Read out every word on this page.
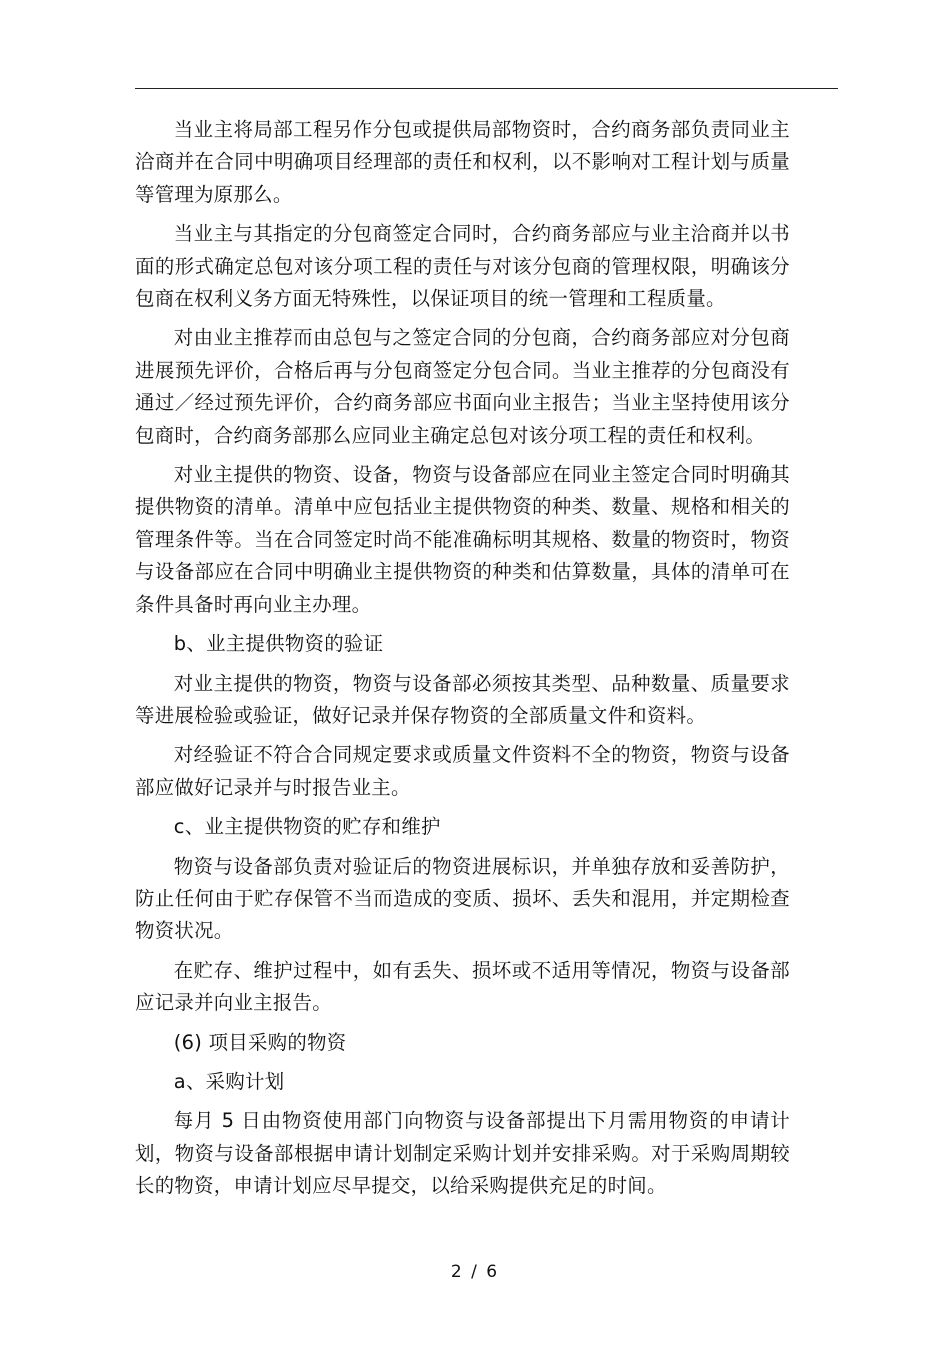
当业主将局部工程另作分包或提供局部物资时，合约商务部负责同业主洽商并在合同中明确项目经理部的责任和权利，以不影响对工程计划与质量等管理为原那么。

当业主与其指定的分包商签定合同时，合约商务部应与业主洽商并以书面的形式确定总包对该分项工程的责任与对该分包商的管理权限，明确该分包商在权利义务方面无特殊性，以保证项目的统一管理和工程质量。

对由业主推荐而由总包与之签定合同的分包商，合约商务部应对分包商进展预先评价，合格后再与分包商签定分包合同。当业主推荐的分包商没有通过／经过预先评价，合约商务部应书面向业主报告；当业主坚持使用该分包商时，合约商务部那么应同业主确定总包对该分项工程的责任和权利。

对业主提供的物资、设备，物资与设备部应在同业主签定合同时明确其提供物资的清单。清单中应包括业主提供物资的种类、数量、规格和相关的管理条件等。当在合同签定时尚不能准确标明其规格、数量的物资时，物资与设备部应在合同中明确业主提供物资的种类和估算数量，具体的清单可在条件具备时再向业主办理。

b、业主提供物资的验证

对业主提供的物资，物资与设备部必须按其类型、品种数量、质量要求等进展检验或验证，做好记录并保存物资的全部质量文件和资料。

对经验证不符合合同规定要求或质量文件资料不全的物资，物资与设备部应做好记录并与时报告业主。

c、业主提供物资的贮存和维护

物资与设备部负责对验证后的物资进展标识，并单独存放和妥善防护，防止任何由于贮存保管不当而造成的变质、损坏、丢失和混用，并定期检查物资状况。

在贮存、维护过程中，如有丢失、损坏或不适用等情况，物资与设备部应记录并向业主报告。

(6) 项目采购的物资

a、采购计划

每月 5 日由物资使用部门向物资与设备部提出下月需用物资的申请计划，物资与设备部根据申请计划制定采购计划并安排采购。对于采购周期较长的物资，申请计划应尽早提交，以给采购提供充足的时间。

2 / 6
